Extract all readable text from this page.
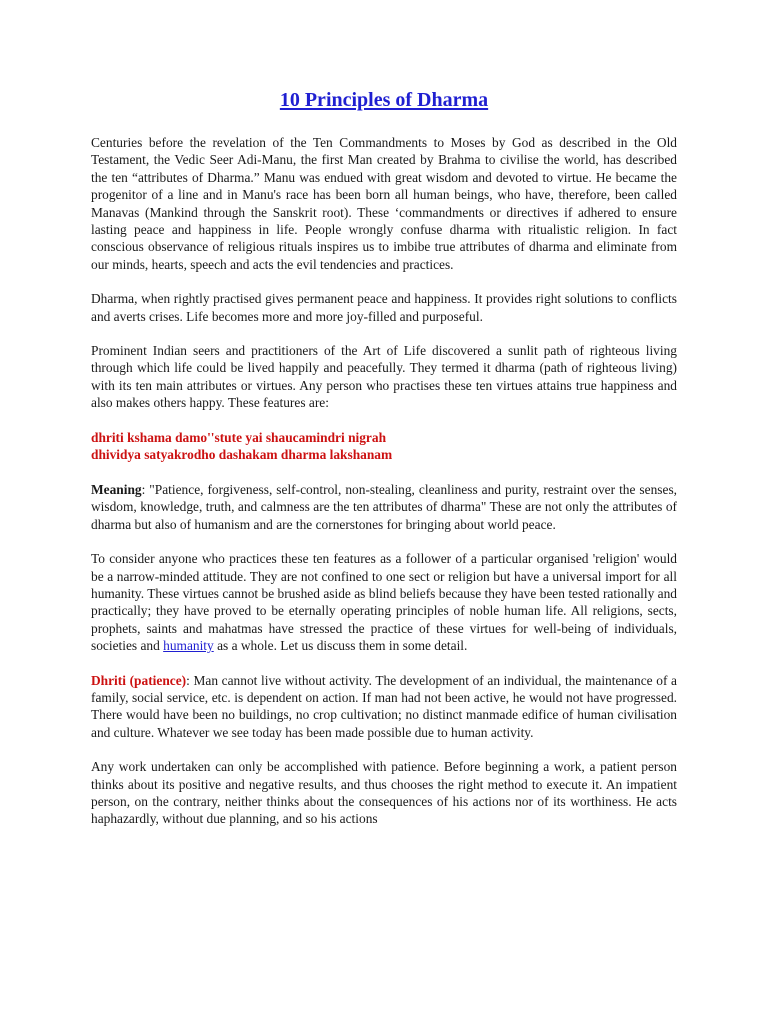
10 Principles of Dharma

Centuries before the revelation of the Ten Commandments to Moses by God as described in the Old Testament, the Vedic Seer Adi-Manu, the first Man created by Brahma to civilise the world, has described the ten “attributes of Dharma.” Manu was endued with great wisdom and devoted to virtue. He became the progenitor of a line and in Manu's race has been born all human beings, who have, therefore, been called Manavas (Mankind through the Sanskrit root). These ‘commandments or directives if adhered to ensure lasting peace and happiness in life. People wrongly confuse dharma with ritualistic religion. In fact conscious observance of religious rituals inspires us to imbibe true attributes of dharma and eliminate from our minds, hearts, speech and acts the evil tendencies and practices.

Dharma, when rightly practised gives permanent peace and happiness. It provides right solutions to conflicts and averts crises. Life becomes more and more joy-filled and purposeful.

Prominent Indian seers and practitioners of the Art of Life discovered a sunlit path of righteous living through which life could be lived happily and peacefully. They termed it dharma (path of righteous living) with its ten main attributes or virtues. Any person who practises these ten virtues attains true happiness and also makes others happy. These features are:

dhriti kshama damo''stute yai shaucamindri nigrah
dhividya satyakrodho dashakam dharma lakshanam

Meaning: "Patience, forgiveness, self-control, non-stealing, cleanliness and purity, restraint over the senses, wisdom, knowledge, truth, and calmness are the ten attributes of dharma" These are not only the attributes of dharma but also of humanism and are the cornerstones for bringing about world peace.

To consider anyone who practices these ten features as a follower of a particular organised 'religion' would be a narrow-minded attitude. They are not confined to one sect or religion but have a universal import for all humanity. These virtues cannot be brushed aside as blind beliefs because they have been tested rationally and practically; they have proved to be eternally operating principles of noble human life. All religions, sects, prophets, saints and mahatmas have stressed the practice of these virtues for well-being of individuals, societies and humanity as a whole. Let us discuss them in some detail.

Dhriti (patience): Man cannot live without activity. The development of an individual, the maintenance of a family, social service, etc. is dependent on action. If man had not been active, he would not have progressed. There would have been no buildings, no crop cultivation; no distinct manmade edifice of human civilisation and culture. Whatever we see today has been made possible due to human activity.

Any work undertaken can only be accomplished with patience. Before beginning a work, a patient person thinks about its positive and negative results, and thus chooses the right method to execute it. An impatient person, on the contrary, neither thinks about the consequences of his actions nor of its worthiness. He acts haphazardly, without due planning, and so his actions
